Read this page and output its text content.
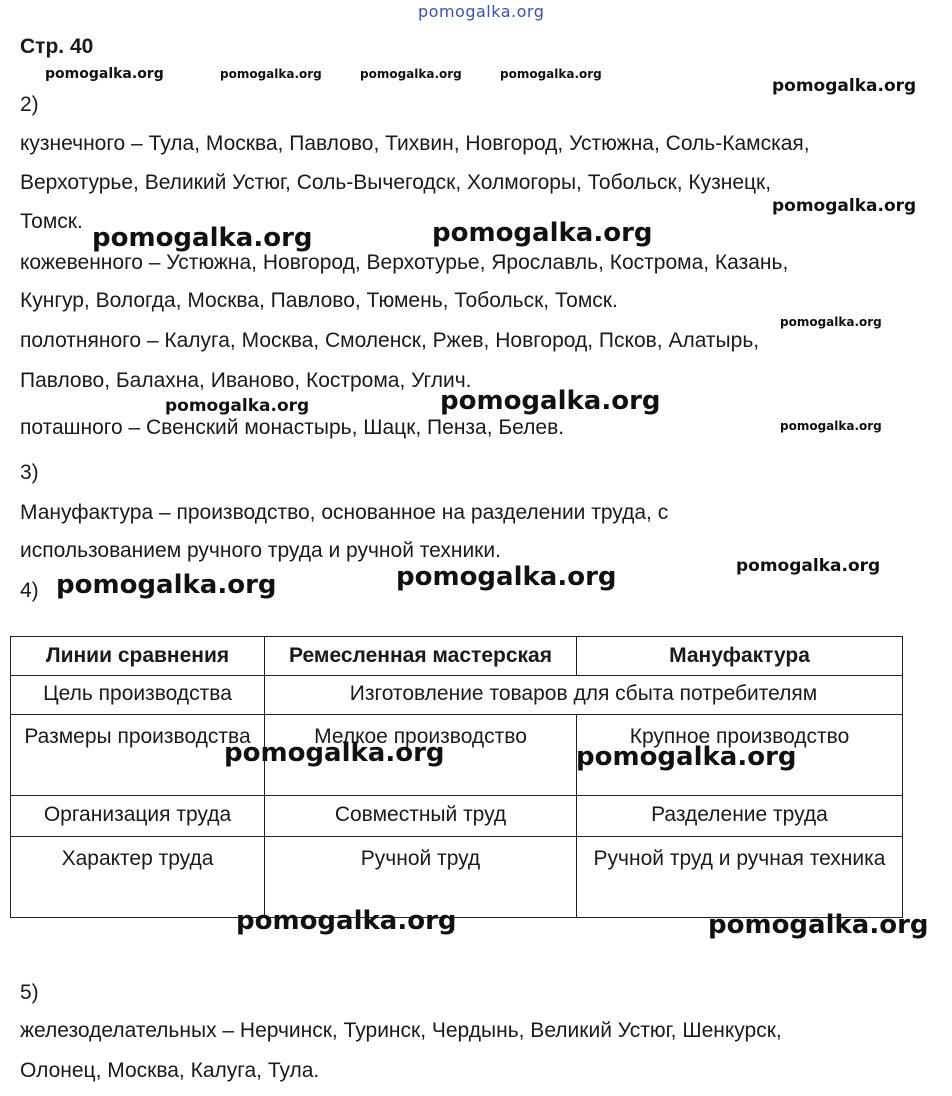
pomogalka.org
Стр. 40
pomogalka.org	pomogalka.org	pomogalka.org	pomogalka.org
pomogalka.org
2)
кузнечного – Тула, Москва, Павлово, Тихвин, Новгород, Устюжна, Соль-Камская,
Верхотурье, Великий Устюг, Соль-Вычегодск, Холмогоры, Тобольск, Кузнецк,
pomogalka.org
Томск.
pomogalka.org	pomogalka.org
кожевенного – Устюжна, Новгород, Верхотурье, Ярославль, Кострома, Казань,
Кунгур, Вологда, Москва, Павлово, Тюмень, Тобольск, Томск.
pomogalka.org
полотняного – Калуга, Москва, Смоленск, Ржев, Новгород, Псков, Алатырь,
Павлово, Балахна, Иваново, Кострома, Углич.
pomogalka.org	pomogalka.org
поташного – Свенский монастырь, Шацк, Пенза, Белев.	pomogalka.org
3)
Мануфактура – производство, основанное на разделении труда, с
использованием ручного труда и ручной техники.
pomogalka.org
pomogalka.org
4) pomogalka.org
Линии сравнения	Ремесленная мастерская	Мануфактура
Цель производства	Изготовление товаров для сбыта потребителям	
Размеры производства	Мелкое производство	Крупное производство
Организация труда	Совместный труд	Разделение труда
Характер труда	Ручной труд	Ручной труд и ручная техника
pomogalka.org	pomogalka.org
pomogalka.org	pomogalka.org
5)
железоделательных – Нерчинск, Туринск, Чердынь, Великий Устюг, Шенкурск,
Олонец, Москва, Калуга, Тула.
